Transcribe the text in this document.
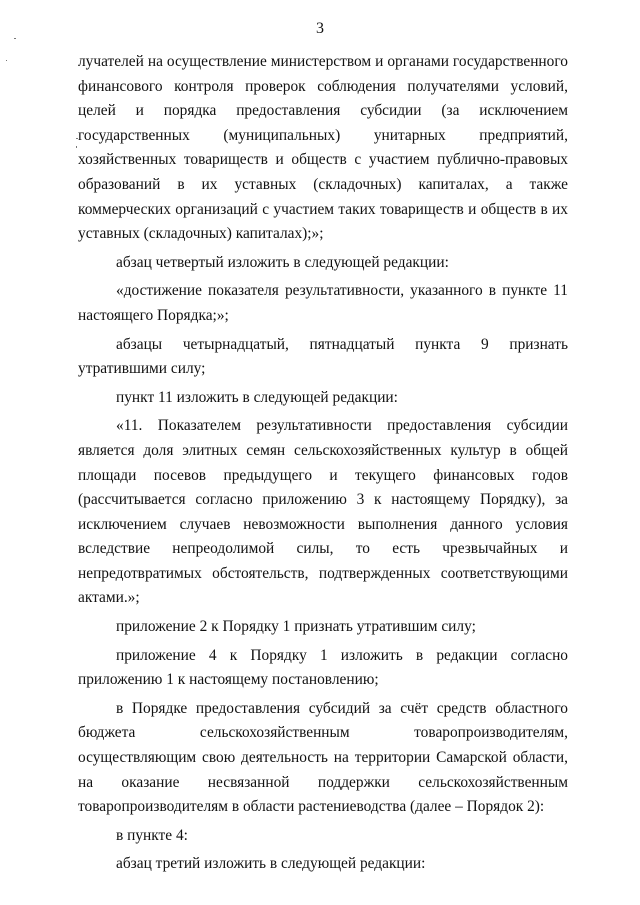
3

лучателей на осуществление министерством и органами государственного финансового контроля проверок соблюдения получателями условий, целей и порядка предоставления субсидии (за исключением государственных (муниципальных) унитарных предприятий, хозяйственных товариществ и обществ с участием публично-правовых образований в их уставных (складочных) капиталах, а также коммерческих организаций с участием таких товариществ и обществ в их уставных (складочных) капиталах);»;

абзац четвертый изложить в следующей редакции:

«достижение показателя результативности, указанного в пункте 11 настоящего Порядка;»;

абзацы четырнадцатый, пятнадцатый пункта 9 признать утратившими силу;

пункт 11 изложить в следующей редакции:

«11. Показателем результативности предоставления субсидии является доля элитных семян сельскохозяйственных культур в общей площади посевов предыдущего и текущего финансовых годов (рассчитывается согласно приложению 3 к настоящему Порядку), за исключением случаев невозможности выполнения данного условия вследствие непреодолимой силы, то есть чрезвычайных и непредотвратимых обстоятельств, подтвержденных соответствующими актами.»;

приложение 2 к Порядку 1 признать утратившим силу;

приложение 4 к Порядку 1 изложить в редакции согласно приложению 1 к настоящему постановлению;

в Порядке предоставления субсидий за счёт средств областного бюджета сельскохозяйственным товаропроизводителям, осуществляющим свою деятельность на территории Самарской области, на оказание несвязанной поддержки сельскохозяйственным товаропроизводителям в области растениеводства (далее – Порядок 2):

в пункте 4:

абзац третий изложить в следующей редакции:
